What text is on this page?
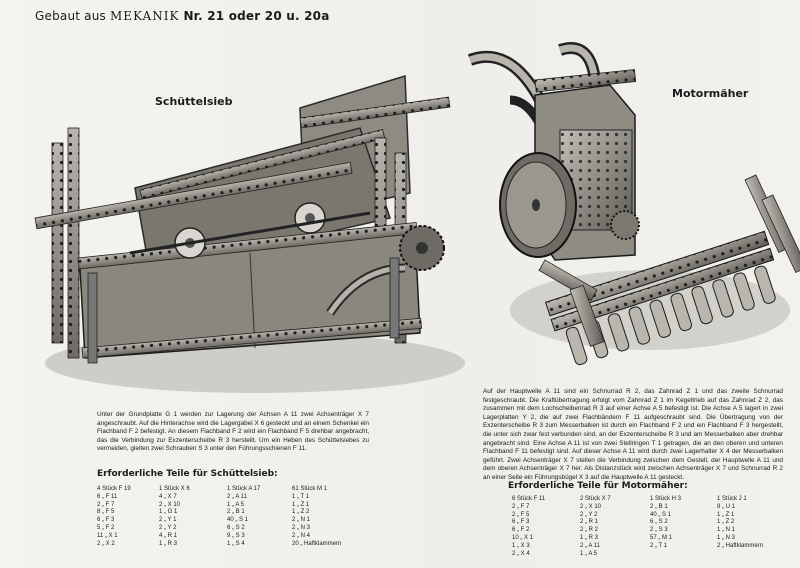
Gebaut aus MEKANIK Nr. 21 oder 20 u. 20a
Schüttelsieb
Motormäher

Unter der Grundplatte G 1 werden zur Lagerung der Achsen A 11 zwei Achsenträger X 7 angeschraubt. Auf die Hinterachse wird die Lagergabel X 6 gesteckt und an einem Schenkel ein Flachband F 2 befestigt. An diesem Flachband F 2 wird ein Flachband F 5 drehbar angebracht, das die Verbindung zur Exzenterscheibe R 3 herstellt. Um ein Heben des Schüttelsiebes zu vermeiden, gleiten zwei Schrauben S 3 unter den Führungsschienen F 11.

Erforderliche Teile für Schüttelsieb:
4 Stück F 19
6 „ F 11
2 „ F 7
8 „ F 5
6 „ F 3
5 „ F 2
11 „ X 1
2 „ X 2
1 Stück X 6
4 „ X 7
2 „ X 10
1 „ G 1
2 „ Y 1
2 „ Y 2
4 „ R 1
1 „ R 3
1 Stück A 17
2 „ A 11
1 „ A 5
2 „ B 1
40 „ S 1
6 „ S 2
9 „ S 3
1 „ S 4
61 Stück M 1
1 „ T 1
1 „ Z 1
1 „ Z 2
2 „ N 1
2 „ N 3
2 „ N 4
20 „ Haftklammern

Auf der Hauptwelle A 11 sind ein Schnurrad R 2, das Zahnrad Z 1 und das zweite Schnurrad festgeschraubt. Die Kraftübertragung erfolgt vom Zahnrad Z 1 im Kegeltrieb auf das Zahnrad Z 2, das zusammen mit dem Lochscheibenrad R 3 auf einer Achse A 5 befestigt ist. Die Achse A 5 lagert in zwei Lagerplatten Y 2, die auf zwei Flachbändern F 11 aufgeschraubt sind. Die Übertragung von der Exzenterscheibe R 3 zum Messerbalken ist durch ein Flachband F 2 und ein Flachband F 3 hergestellt, die unter sich zwar fest verbunden sind, an der Exzenterscheibe R 3 und am Messerbalken aber drehbar angebracht sind. Eine Achse A 11 ist von zwei Stellringen T 1 getragen, die an den oberen und unteren Flachband F 11 befestigt sind. Auf dieser Achse A 11 wird durch zwei Lagerhalter X 4 der Messerbalken geführt. Zwei Achsenträger X 7 stellen die Verbindung zwischen dem Gestell, der Hauptwelle A 11 und dem oberen Achsenträger X 7 her. Als Distanzstück wird zwischen Achsenträger X 7 und Schnurrad R 2 an einer Seite ein Führungsbügel X 3 auf die Hauptwelle A 11 gesteckt.

Erforderliche Teile für Motormäher:
6 Stück F 11
2 „ F 7
2 „ F 5
6 „ F 3
6 „ F 2
10 „ X 1
1 „ X 3
2 „ X 4
2 Stück X 7
2 „ X 10
2 „ Y 2
2 „ R 1
2 „ R 2
1 „ R 3
2 „ A 11
1 „ A 5
1 Stück H 3
2 „ B 1
40 „ S 1
6 „ S 2
2 „ S 3
57 „ M 1
2 „ T 1
1 Stück J 1
8 „ U 1
1 „ Z 1
1 „ Z 2
1 „ N 1
1 „ N 3
2 „ Haftklammern
